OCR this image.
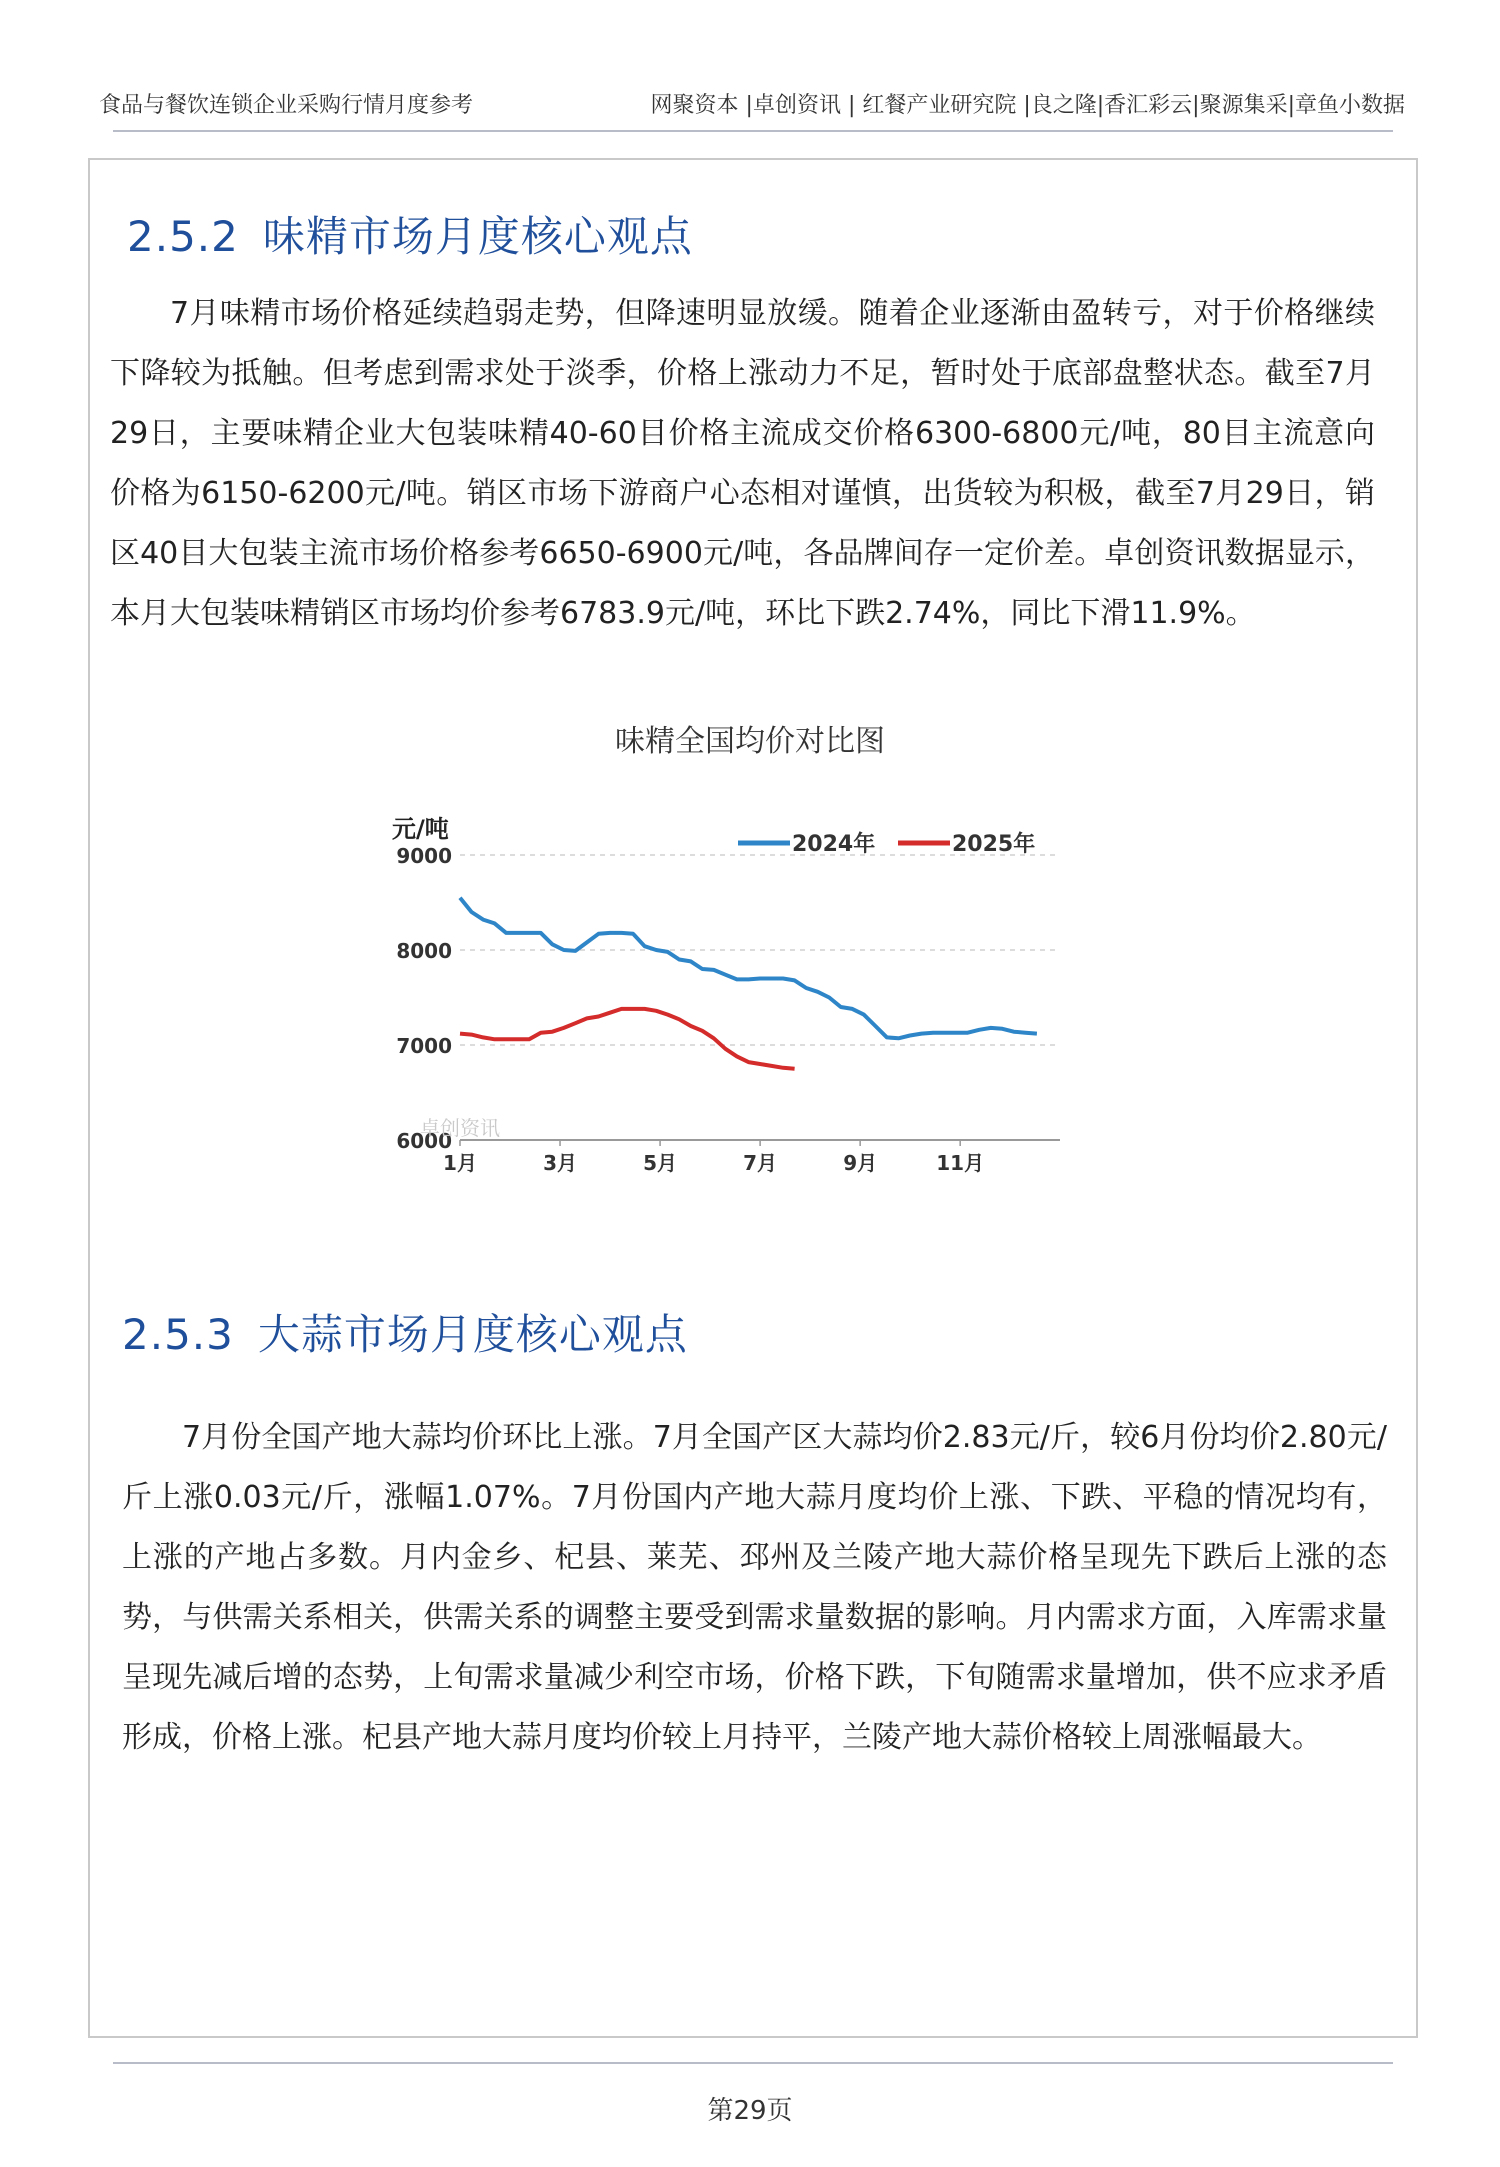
食品与餐饮连锁企业采购行情月度参考	网聚资本 |卓创资讯 | 红餐产业研究院 |良之隆|香汇彩云|聚源集采|章鱼小数据
2.5.2 味精市场月度核心观点
7月味精市场价格延续趋弱走势，但降速明显放缓。随着企业逐渐由盈转亏，对于价格继续下降较为抵触。但考虑到需求处于淡季，价格上涨动力不足，暂时处于底部盘整状态。截至7月29日，主要味精企业大包装味精40-60目价格主流成交价格6300-6800元/吨，80目主流意向价格为6150-6200元/吨。销区市场下游商户心态相对谨慎，出货较为积极，截至7月29日，销区40目大包装主流市场价格参考6650-6900元/吨，各品牌间存一定价差。卓创资讯数据显示，本月大包装味精销区市场均价参考6783.9元/吨，环比下跌2.74%，同比下滑11.9%。
味精全国均价对比图
元/吨
2024年	2025年
9000
8000
7000
6000
卓创资讯
1月	3月	5月	7月	9月	11月
2.5.3 大蒜市场月度核心观点
7月份全国产地大蒜均价环比上涨。7月全国产区大蒜均价2.83元/斤，较6月份均价2.80元/斤上涨0.03元/斤，涨幅1.07%。7月份国内产地大蒜月度均价上涨、下跌、平稳的情况均有，上涨的产地占多数。月内金乡、杞县、莱芜、邳州及兰陵产地大蒜价格呈现先下跌后上涨的态势，与供需关系相关，供需关系的调整主要受到需求量数据的影响。月内需求方面，入库需求量呈现先减后增的态势，上旬需求量减少利空市场，价格下跌，下旬随需求量增加，供不应求矛盾形成，价格上涨。杞县产地大蒜月度均价较上月持平，兰陵产地大蒜价格较上周涨幅最大。
第29页
